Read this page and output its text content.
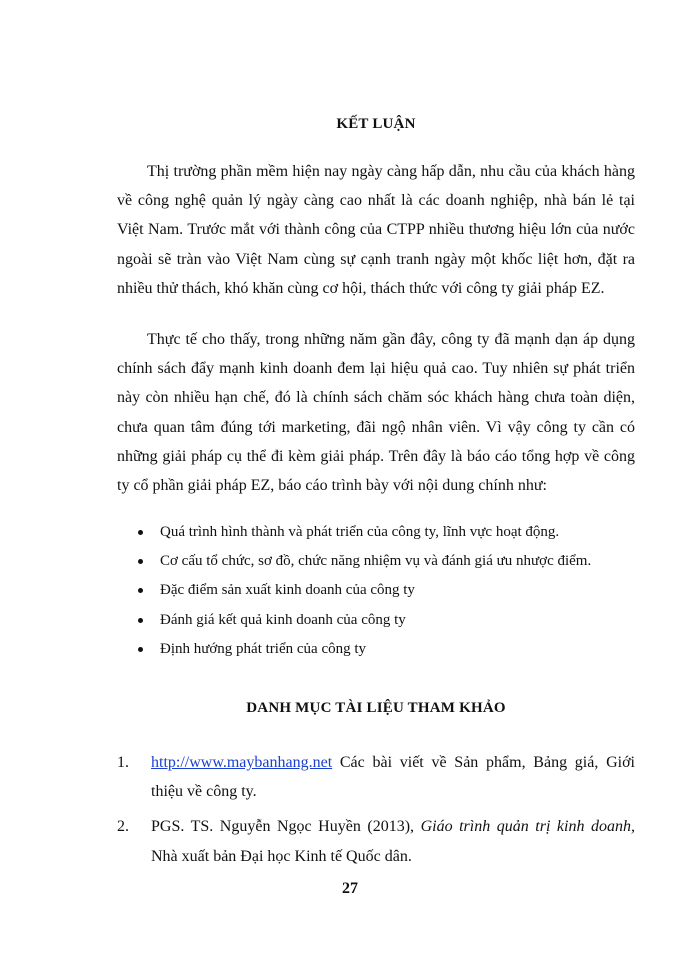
KẾT LUẬN

Thị trường phần mềm hiện nay ngày càng hấp dẫn, nhu cầu của khách hàng về công nghệ quản lý ngày càng cao nhất là các doanh nghiệp, nhà bán lẻ tại Việt Nam. Trước mắt với thành công của CTPP nhiều thương hiệu lớn của nước ngoài sẽ tràn vào Việt Nam cùng sự cạnh tranh ngày một khốc liệt hơn, đặt ra nhiều thử thách, khó khăn cùng cơ hội, thách thức với công ty giải pháp EZ.

Thực tế cho thấy, trong những năm gần đây, công ty đã mạnh dạn áp dụng chính sách đẩy mạnh kinh doanh đem lại hiệu quả cao. Tuy nhiên sự phát triển này còn nhiều hạn chế, đó là chính sách chăm sóc khách hàng chưa toàn diện, chưa quan tâm đúng tới marketing, đãi ngộ nhân viên. Vì vậy công ty cần có những giải pháp cụ thể đi kèm giải pháp. Trên đây là báo cáo tổng hợp về công ty cổ phần giải pháp EZ, báo cáo trình bày với nội dung chính như:

Quá trình hình thành và phát triển của công ty, lĩnh vực hoạt động.
Cơ cấu tổ chức, sơ đồ, chức năng nhiệm vụ và đánh giá ưu nhược điểm.
Đặc điểm sản xuất kinh doanh của công ty
Đánh giá kết quả kinh doanh của công ty
Định hướng phát triển của công ty
DANH MỤC TÀI LIỆU THAM KHẢO
1. http://www.maybanhang.net Các bài viết về Sản phẩm, Bảng giá, Giới thiệu về công ty.
2. PGS. TS. Nguyễn Ngọc Huyền (2013), Giáo trình quản trị kinh doanh, Nhà xuất bản Đại học Kinh tế Quốc dân.
27
